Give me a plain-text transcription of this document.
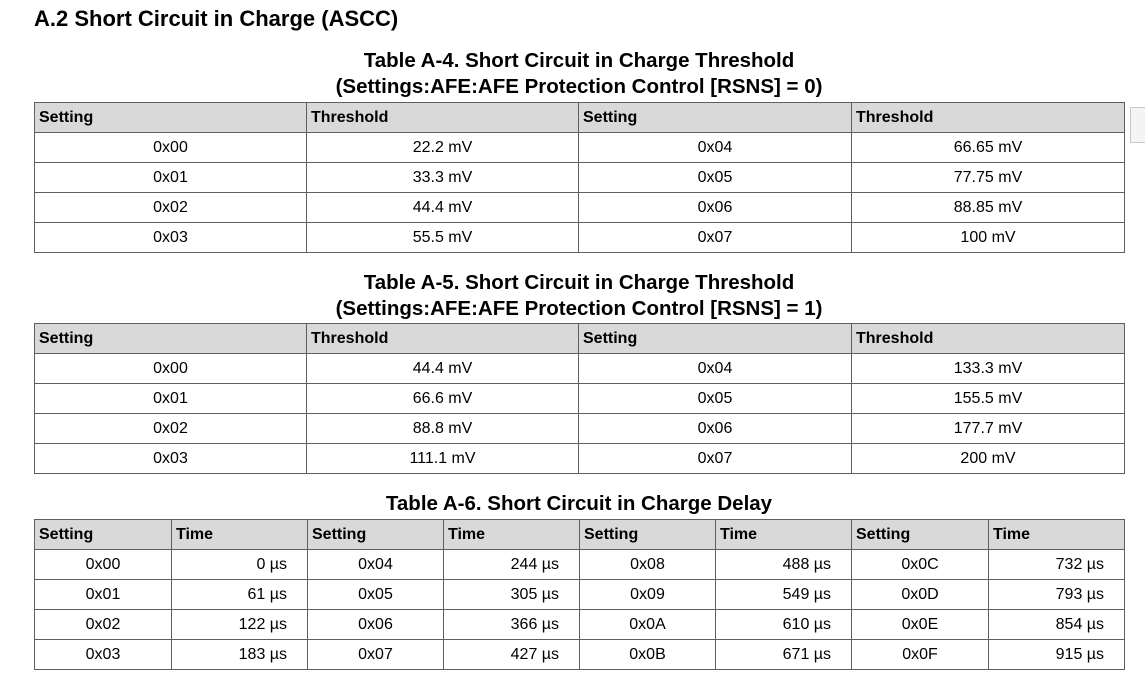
A.2 Short Circuit in Charge (ASCC)
Table A-4. Short Circuit in Charge Threshold
(Settings:AFE:AFE Protection Control [RSNS] = 0)
Setting	Threshold	Setting	Threshold
0x00	22.2 mV	0x04	66.65 mV
0x01	33.3 mV	0x05	77.75 mV
0x02	44.4 mV	0x06	88.85 mV
0x03	55.5 mV	0x07	100 mV
Table A-5. Short Circuit in Charge Threshold
(Settings:AFE:AFE Protection Control [RSNS] = 1)
Setting	Threshold	Setting	Threshold
0x00	44.4 mV	0x04	133.3 mV
0x01	66.6 mV	0x05	155.5 mV
0x02	88.8 mV	0x06	177.7 mV
0x03	111.1 mV	0x07	200 mV
Table A-6. Short Circuit in Charge Delay
Setting	Time	Setting	Time	Setting	Time	Setting	Time
0x00	0 µs	0x04	244 µs	0x08	488 µs	0x0C	732 µs
0x01	61 µs	0x05	305 µs	0x09	549 µs	0x0D	793 µs
0x02	122 µs	0x06	366 µs	0x0A	610 µs	0x0E	854 µs
0x03	183 µs	0x07	427 µs	0x0B	671 µs	0x0F	915 µs
